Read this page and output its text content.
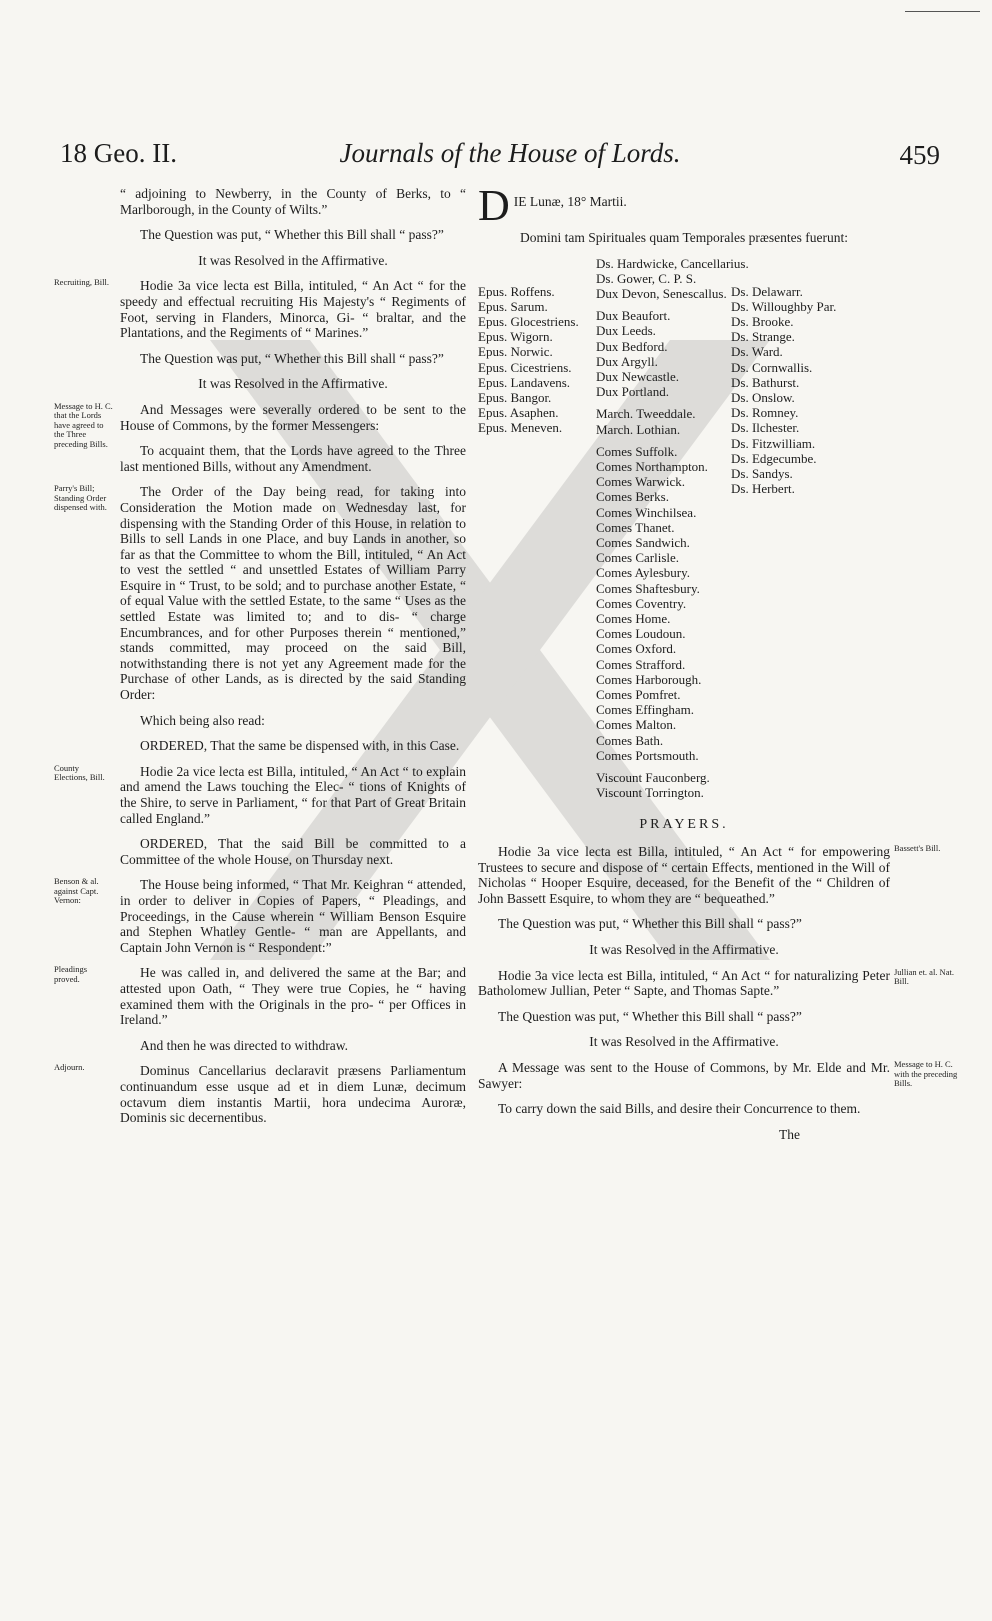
18 Geo. II.	Journals of the House of Lords.	459

“ adjoining to Newberry, in the County of Berks, to “ Marlborough, in the County of Wilts.”

The Question was put, “ Whether this Bill shall “ pass?”

It was Resolved in the Affirmative.

Recruiting, Bill.	Hodie 3a vice lecta est Billa, intituled, “ An Act “ for the speedy and effectual recruiting His Majesty's “ Regiments of Foot, serving in Flanders, Minorca, Gi- “ braltar, and the Plantations, and the Regiments of “ Marines.”

The Question was put, “ Whether this Bill shall “ pass?”

It was Resolved in the Affirmative.

Message to H. C. that the Lords have agreed to the Three preceding Bills.

And Messages were severally ordered to be sent to the House of Commons, by the former Messengers:

To acquaint them, that the Lords have agreed to the Three last mentioned Bills, without any Amendment.

Parry's Bill; Standing Order dispensed with.

The Order of the Day being read, for taking into Consideration the Motion made on Wednesday last, for dispensing with the Standing Order of this House, in relation to Bills to sell Lands in one Place, and buy Lands in another, so far as that the Committee to whom the Bill, intituled, “ An Act to vest the settled “ and unsettled Estates of William Parry Esquire in “ Trust, to be sold; and to purchase another Estate, “ of equal Value with the settled Estate, to the same “ Uses as the settled Estate was limited to; and to dis- “ charge Encumbrances, and for other Purposes therein “ mentioned,” stands committed, may proceed on the said Bill, notwithstanding there is not yet any Agreement made for the Purchase of other Lands, as is directed by the said Standing Order:

Which being also read:

ORDERED, That the same be dispensed with, in this Case.

County Elections, Bill.	Hodie 2a vice lecta est Billa, intituled, “ An Act “ to explain and amend the Laws touching the Elec- “ tions of Knights of the Shire, to serve in Parliament, “ for that Part of Great Britain called England.”

ORDERED, That the said Bill be committed to a Committee of the whole House, on Thursday next.

Benson & al. against Capt. Vernon:

The House being informed, “ That Mr. Keighran “ attended, in order to deliver in Copies of Papers, “ Pleadings, and Proceedings, in the Cause wherein “ William Benson Esquire and Stephen Whatley Gentle- “ man are Appellants, and Captain John Vernon is “ Respondent:”

Pleadings proved.	He was called in, and delivered the same at the Bar; and attested upon Oath, “ They were true Copies, he “ having examined them with the Originals in the pro- “ per Offices in Ireland.”

And then he was directed to withdraw.

Adjourn.	Dominus Cancellarius declaravit præsens Parliamentum continuandum esse usque ad et in diem Lunæ, decimum octavum diem instantis Martii, hora undecima Auroræ, Dominis sic decernentibus.

D IE Lunæ, 18° Martii.
Domini tam Spirituales quam Temporales præsentes fuerunt:
Epus. Roffens.
Epus. Sarum.
Epus. Glocestriens.
Epus. Wigorn.
Epus. Norwic.
Epus. Cicestriens.
Epus. Landavens.
Epus. Bangor.
Epus. Asaphen.
Epus. Meneven.
Ds. Hardwicke, Cancellarius.
Ds. Gower, C. P. S.
Dux Devon, Senescallus.
Dux Beaufort.
Dux Leeds.
Dux Bedford.
Dux Argyll.
Dux Newcastle.
Dux Portland.
March. Tweeddale.
March. Lothian.
Comes Suffolk.
Comes Northampton.
Comes Warwick.
Comes Berks.
Comes Winchilsea.
Comes Thanet.
Comes Sandwich.
Comes Carlisle.
Comes Aylesbury.
Comes Shaftesbury.
Comes Coventry.
Comes Home.
Comes Loudoun.
Comes Oxford.
Comes Strafford.
Comes Harborough.
Comes Pomfret.
Comes Effingham.
Comes Malton.
Comes Bath.
Comes Portsmouth.
Viscount Fauconberg.
Viscount Torrington.
Ds. Delawarr.
Ds. Willoughby Par.
Ds. Brooke.
Ds. Strange.
Ds. Ward.
Ds. Cornwallis.
Ds. Bathurst.
Ds. Onslow.
Ds. Romney.
Ds. Ilchester.
Ds. Fitzwilliam.
Ds. Edgecumbe.
Ds. Sandys.
Ds. Herbert.
PRAYERS.
Bassett's Bill.

Hodie 3a vice lecta est Billa, intituled, “ An Act “ for empowering Trustees to secure and dispose of “ certain Effects, mentioned in the Will of Nicholas “ Hooper Esquire, deceased, for the Benefit of the “ Children of John Bassett Esquire, to whom they are “ bequeathed.”

The Question was put, “ Whether this Bill shall “ pass?”

It was Resolved in the Affirmative.

Jullian et. al. Nat. Bill.

Hodie 3a vice lecta est Billa, intituled, “ An Act “ for naturalizing Peter Batholomew Jullian, Peter “ Sapte, and Thomas Sapte.”

The Question was put, “ Whether this Bill shall “ pass?”

It was Resolved in the Affirmative.

Message to H. C. with the preceding Bills.

A Message was sent to the House of Commons, by Mr. Elde and Mr. Sawyer:

To carry down the said Bills, and desire their Concurrence to them.

The
